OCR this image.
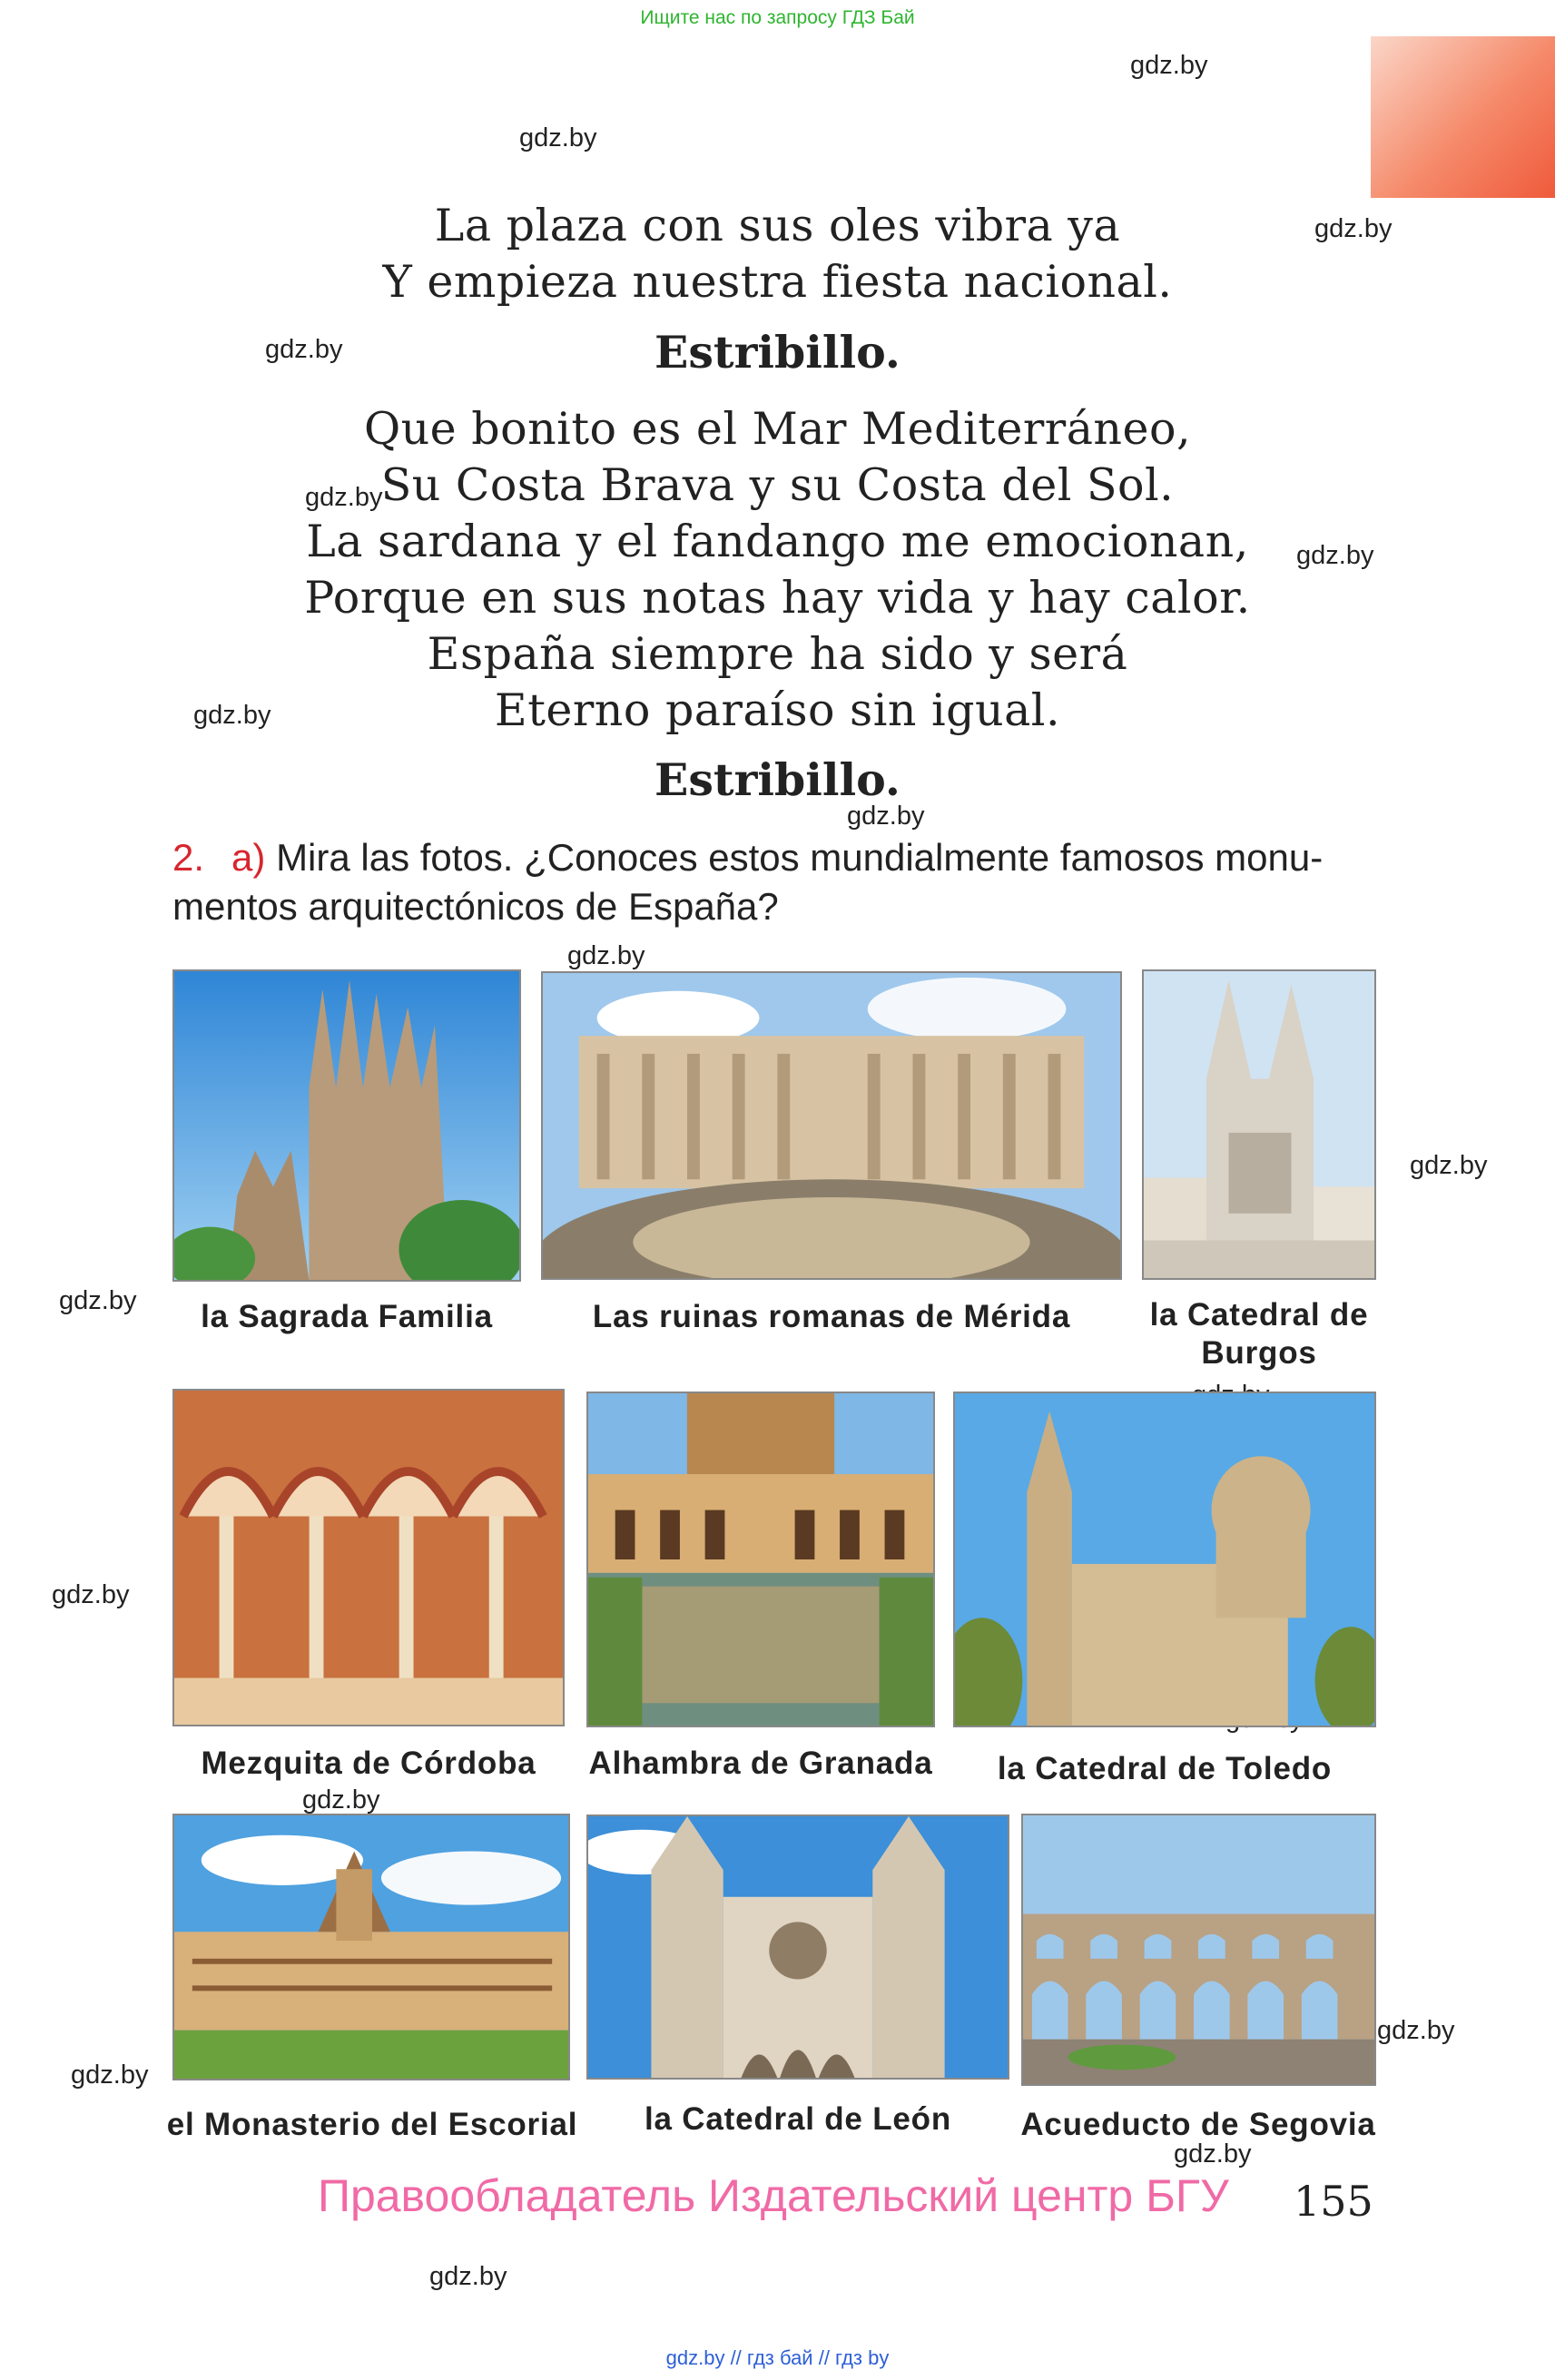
Ищите нас по запросу ГДЗ Бай
gdz.by
gdz.by
gdz.by
gdz.by
gdz.by
gdz.by
gdz.by
gdz.by
gdz.by
gdz.by
gdz.by
gdz.by
gdz.by
gdz.by
gdz.by
gdz.by
gdz.by
La plaza con sus oles vibra ya
Y empieza nuestra fiesta nacional.
Estribillo.
Que bonito es el Mar Mediterráneo,
Su Costa Brava y su Costa del Sol.
La sardana y el fandango me emocionan,
Porque en sus notas hay vida y hay calor.
España siempre ha sido y será
Eterno paraíso sin igual.
Estribillo.
2. a) Mira las fotos. ¿Conoces estos mundialmente famosos monu-mentos arquitectónicos de España?
la Sagrada Familia	Las ruinas romanas de Mérida	la Catedral de Burgos
Mezquita de Córdoba	Alhambra de Granada	la Catedral de Toledo
el Monasterio del Escorial	la Catedral de León	Acueducto de Segovia
Правообладатель Издательский центр БГУ 155
gdz.by // гдз бай // гдз by
